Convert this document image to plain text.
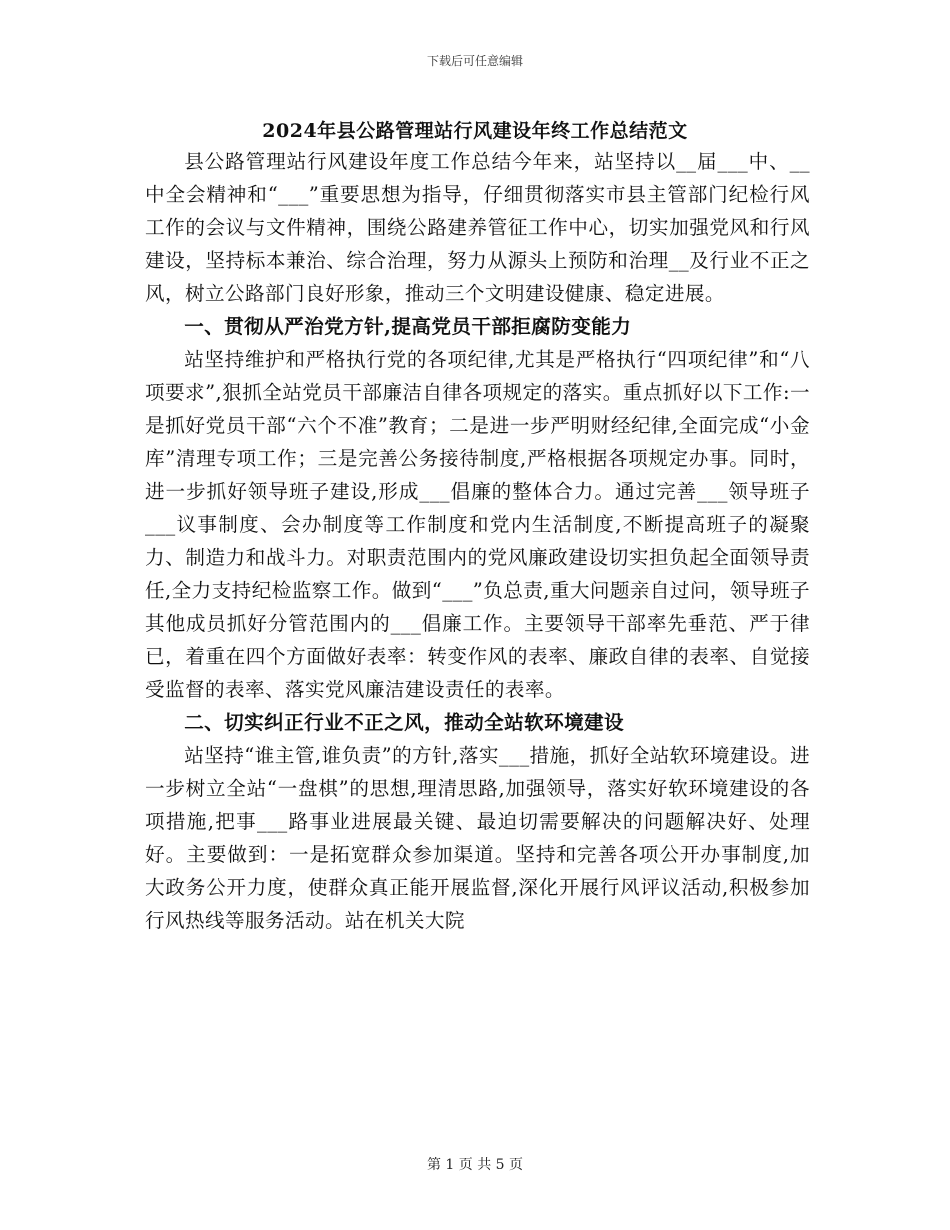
下载后可任意编辑
2024年县公路管理站行风建设年终工作总结范文

县公路管理站行风建设年度工作总结今年来，站坚持以__届___中、__中全会精神和“___”重要思想为指导，仔细贯彻落实市县主管部门纪检行风工作的会议与文件精神，围绕公路建养管征工作中心，切实加强党风和行风建设，坚持标本兼治、综合治理，努力从源头上预防和治理__及行业不正之风，树立公路部门良好形象，推动三个文明建设健康、稳定进展。

一、贯彻从严治党方针,提高党员干部拒腐防变能力

站坚持维护和严格执行党的各项纪律,尤其是严格执行“四项纪律”和“八项要求”,狠抓全站党员干部廉洁自律各项规定的落实。重点抓好以下工作:一是抓好党员干部“六个不准”教育；二是进一步严明财经纪律,全面完成“小金库”清理专项工作；三是完善公务接待制度,严格根据各项规定办事。同时，进一步抓好领导班子建设,形成___倡廉的整体合力。通过完善___领导班子___议事制度、会办制度等工作制度和党内生活制度,不断提高班子的凝聚力、制造力和战斗力。对职责范围内的党风廉政建设切实担负起全面领导责任,全力支持纪检监察工作。做到“___”负总责,重大问题亲自过问，领导班子其他成员抓好分管范围内的___倡廉工作。主要领导干部率先垂范、严于律已，着重在四个方面做好表率：转变作风的表率、廉政自律的表率、自觉接受监督的表率、落实党风廉洁建设责任的表率。

二、切实纠正行业不正之风，推动全站软环境建设

站坚持“谁主管,谁负责”的方针,落实___措施，抓好全站软环境建设。进一步树立全站“一盘棋”的思想,理清思路,加强领导，落实好软环境建设的各项措施,把事___路事业进展最关键、最迫切需要解决的问题解决好、处理好。主要做到：一是拓宽群众参加渠道。坚持和完善各项公开办事制度,加大政务公开力度，使群众真正能开展监督,深化开展行风评议活动,积极参加行风热线等服务活动。站在机关大院

第 1 页 共 5 页
